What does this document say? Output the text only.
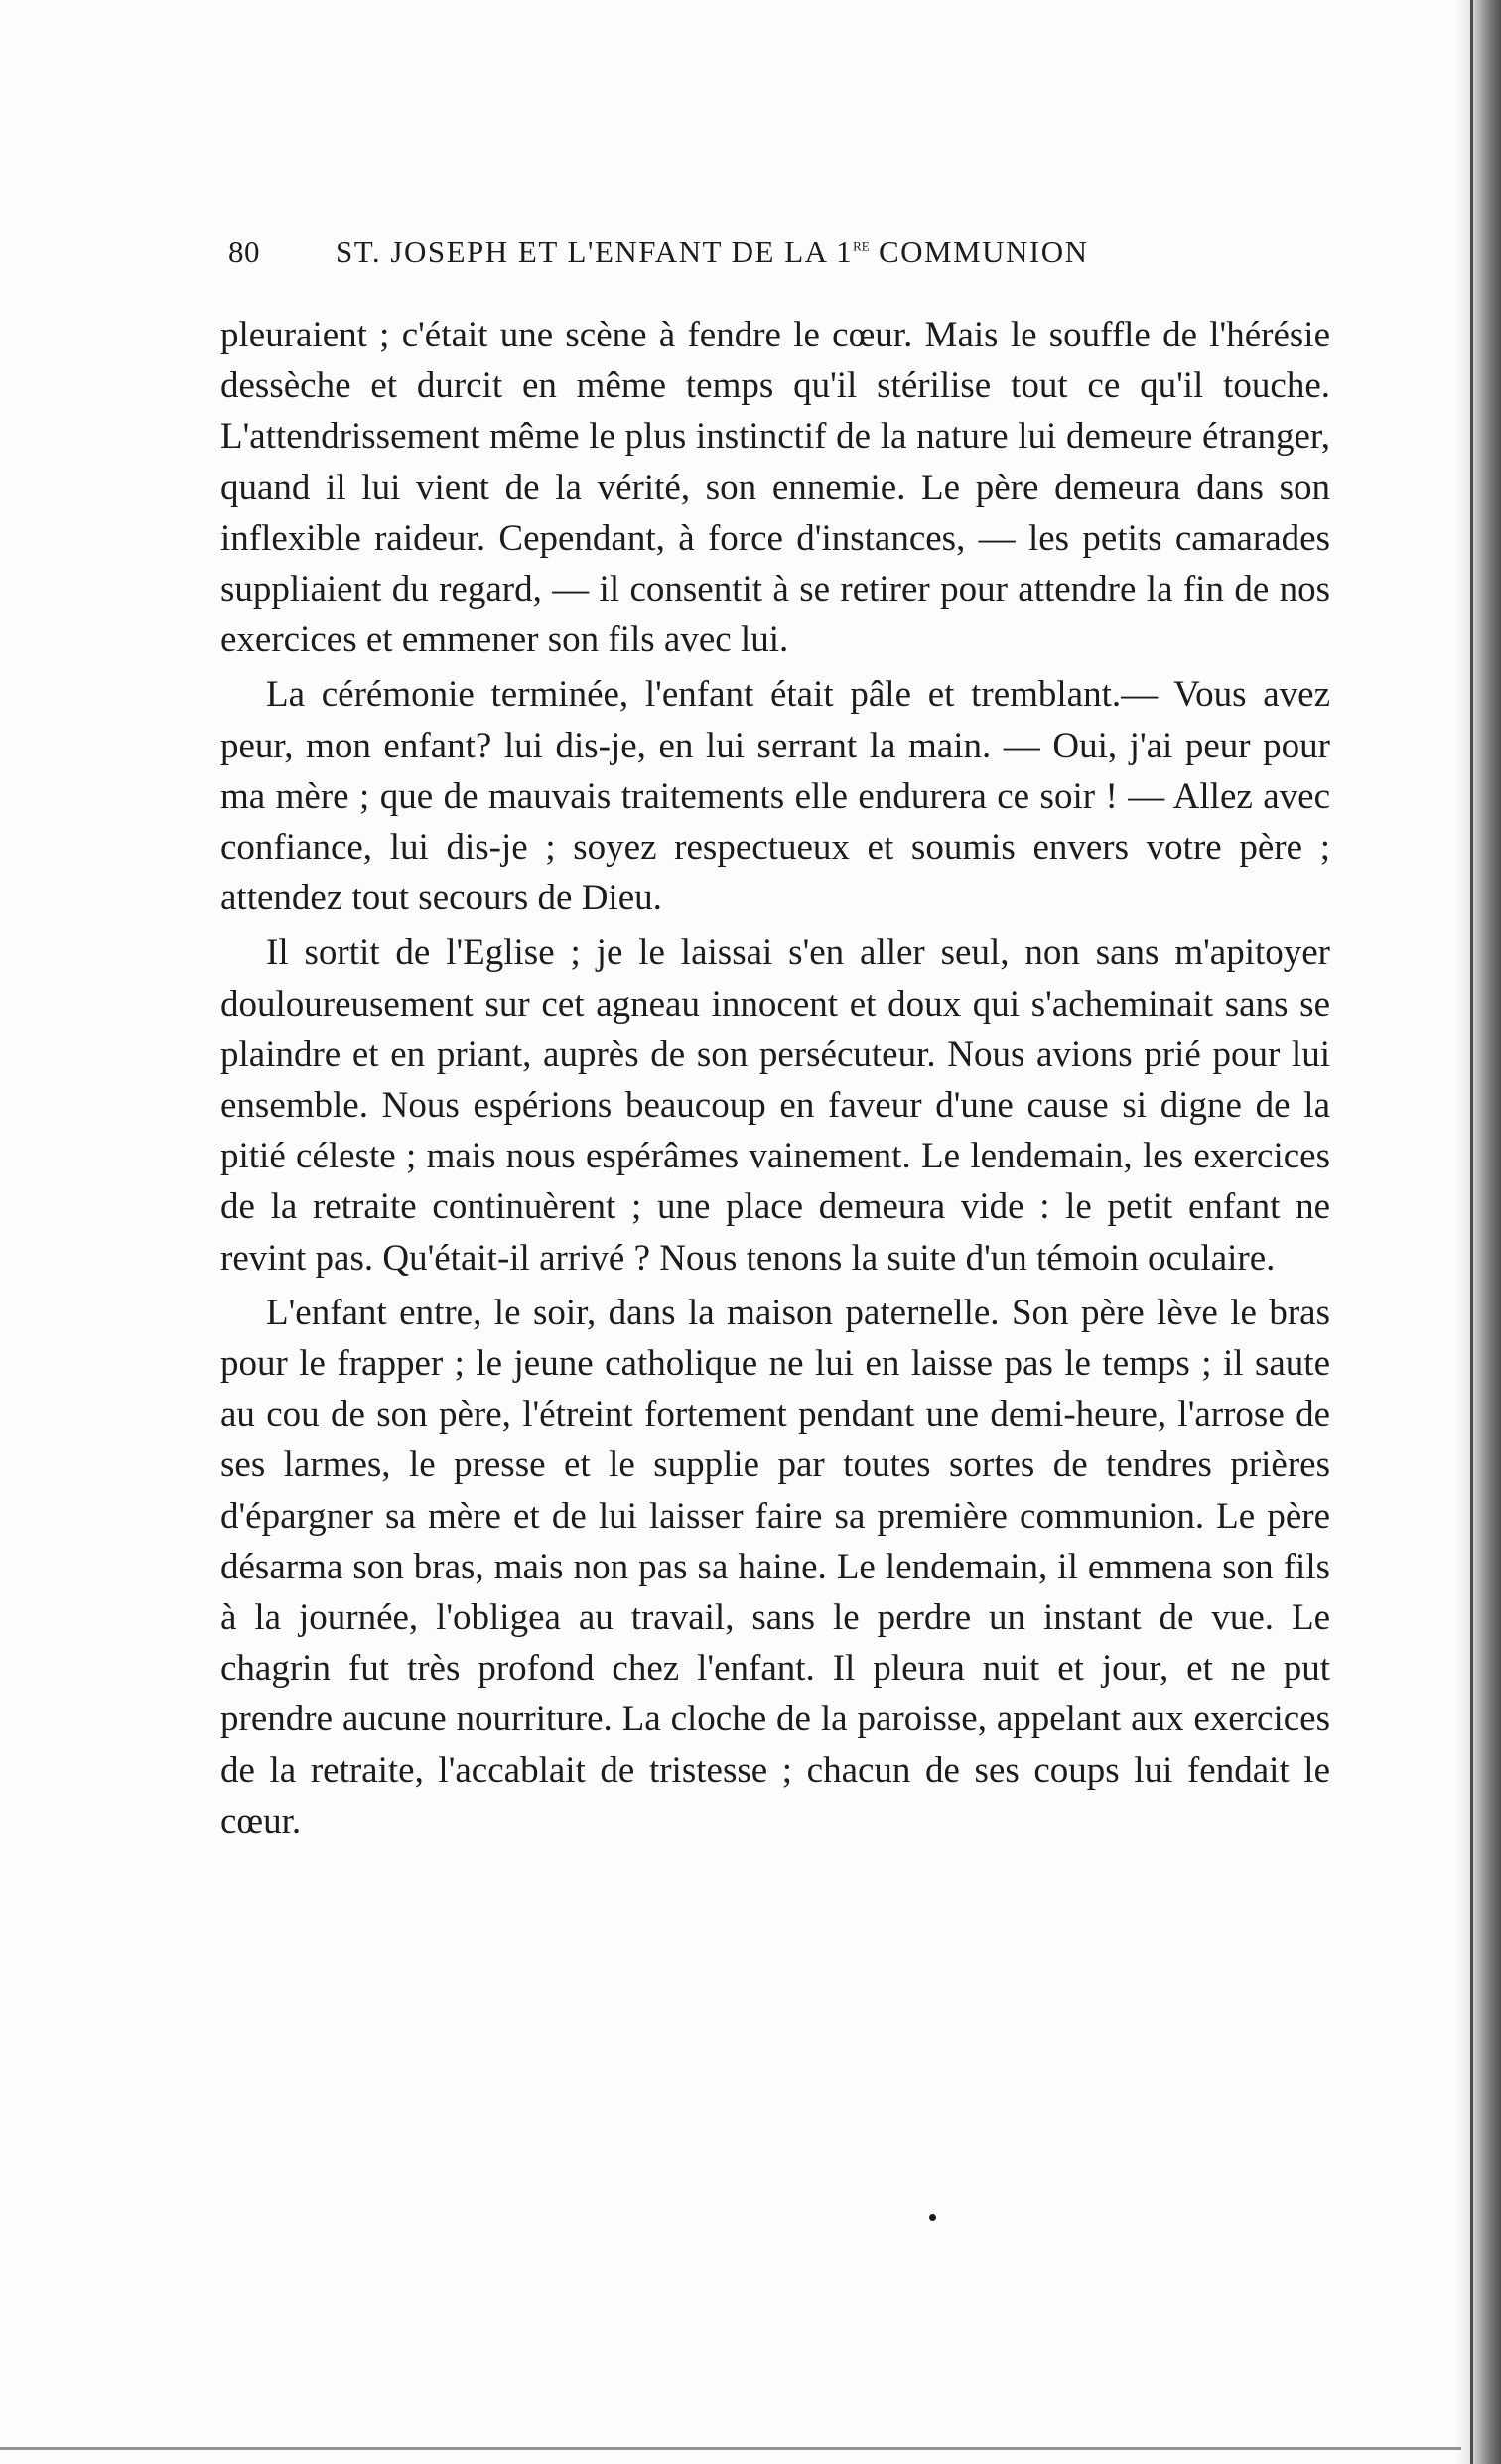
80 ST. JOSEPH ET L'ENFANT DE LA 1re COMMUNION

pleuraient ; c'était une scène à fendre le cœur. Mais le souffle de l'hérésie dessèche et durcit en même temps qu'il stérilise tout ce qu'il touche. L'attendrissement même le plus instinctif de la nature lui demeure étranger, quand il lui vient de la vérité, son ennemie. Le père demeura dans son inflexible raideur. Cependant, à force d'instances, — les petits camarades suppliaient du regard, — il consentit à se retirer pour attendre la fin de nos exercices et emmener son fils avec lui.

La cérémonie terminée, l'enfant était pâle et tremblant.— Vous avez peur, mon enfant? lui dis-je, en lui serrant la main. — Oui, j'ai peur pour ma mère ; que de mauvais traitements elle endurera ce soir ! — Allez avec confiance, lui dis-je ; soyez respectueux et soumis envers votre père ; attendez tout secours de Dieu.

Il sortit de l'Eglise ; je le laissai s'en aller seul, non sans m'apitoyer douloureusement sur cet agneau innocent et doux qui s'acheminait sans se plaindre et en priant, auprès de son persécuteur. Nous avions prié pour lui ensemble. Nous espérions beaucoup en faveur d'une cause si digne de la pitié céleste ; mais nous espérâmes vainement. Le lendemain, les exercices de la retraite continuèrent ; une place demeura vide : le petit enfant ne revint pas. Qu'était-il arrivé ? Nous tenons la suite d'un témoin oculaire.

L'enfant entre, le soir, dans la maison paternelle. Son père lève le bras pour le frapper ; le jeune catholique ne lui en laisse pas le temps ; il saute au cou de son père, l'étreint fortement pendant une demi-heure, l'arrose de ses larmes, le presse et le supplie par toutes sortes de tendres prières d'épargner sa mère et de lui laisser faire sa première communion. Le père désarma son bras, mais non pas sa haine. Le lendemain, il emmena son fils à la journée, l'obligea au travail, sans le perdre un instant de vue. Le chagrin fut très profond chez l'enfant. Il pleura nuit et jour, et ne put prendre aucune nourriture. La cloche de la paroisse, appelant aux exercices de la retraite, l'accablait de tristesse ; chacun de ses coups lui fendait le cœur.
